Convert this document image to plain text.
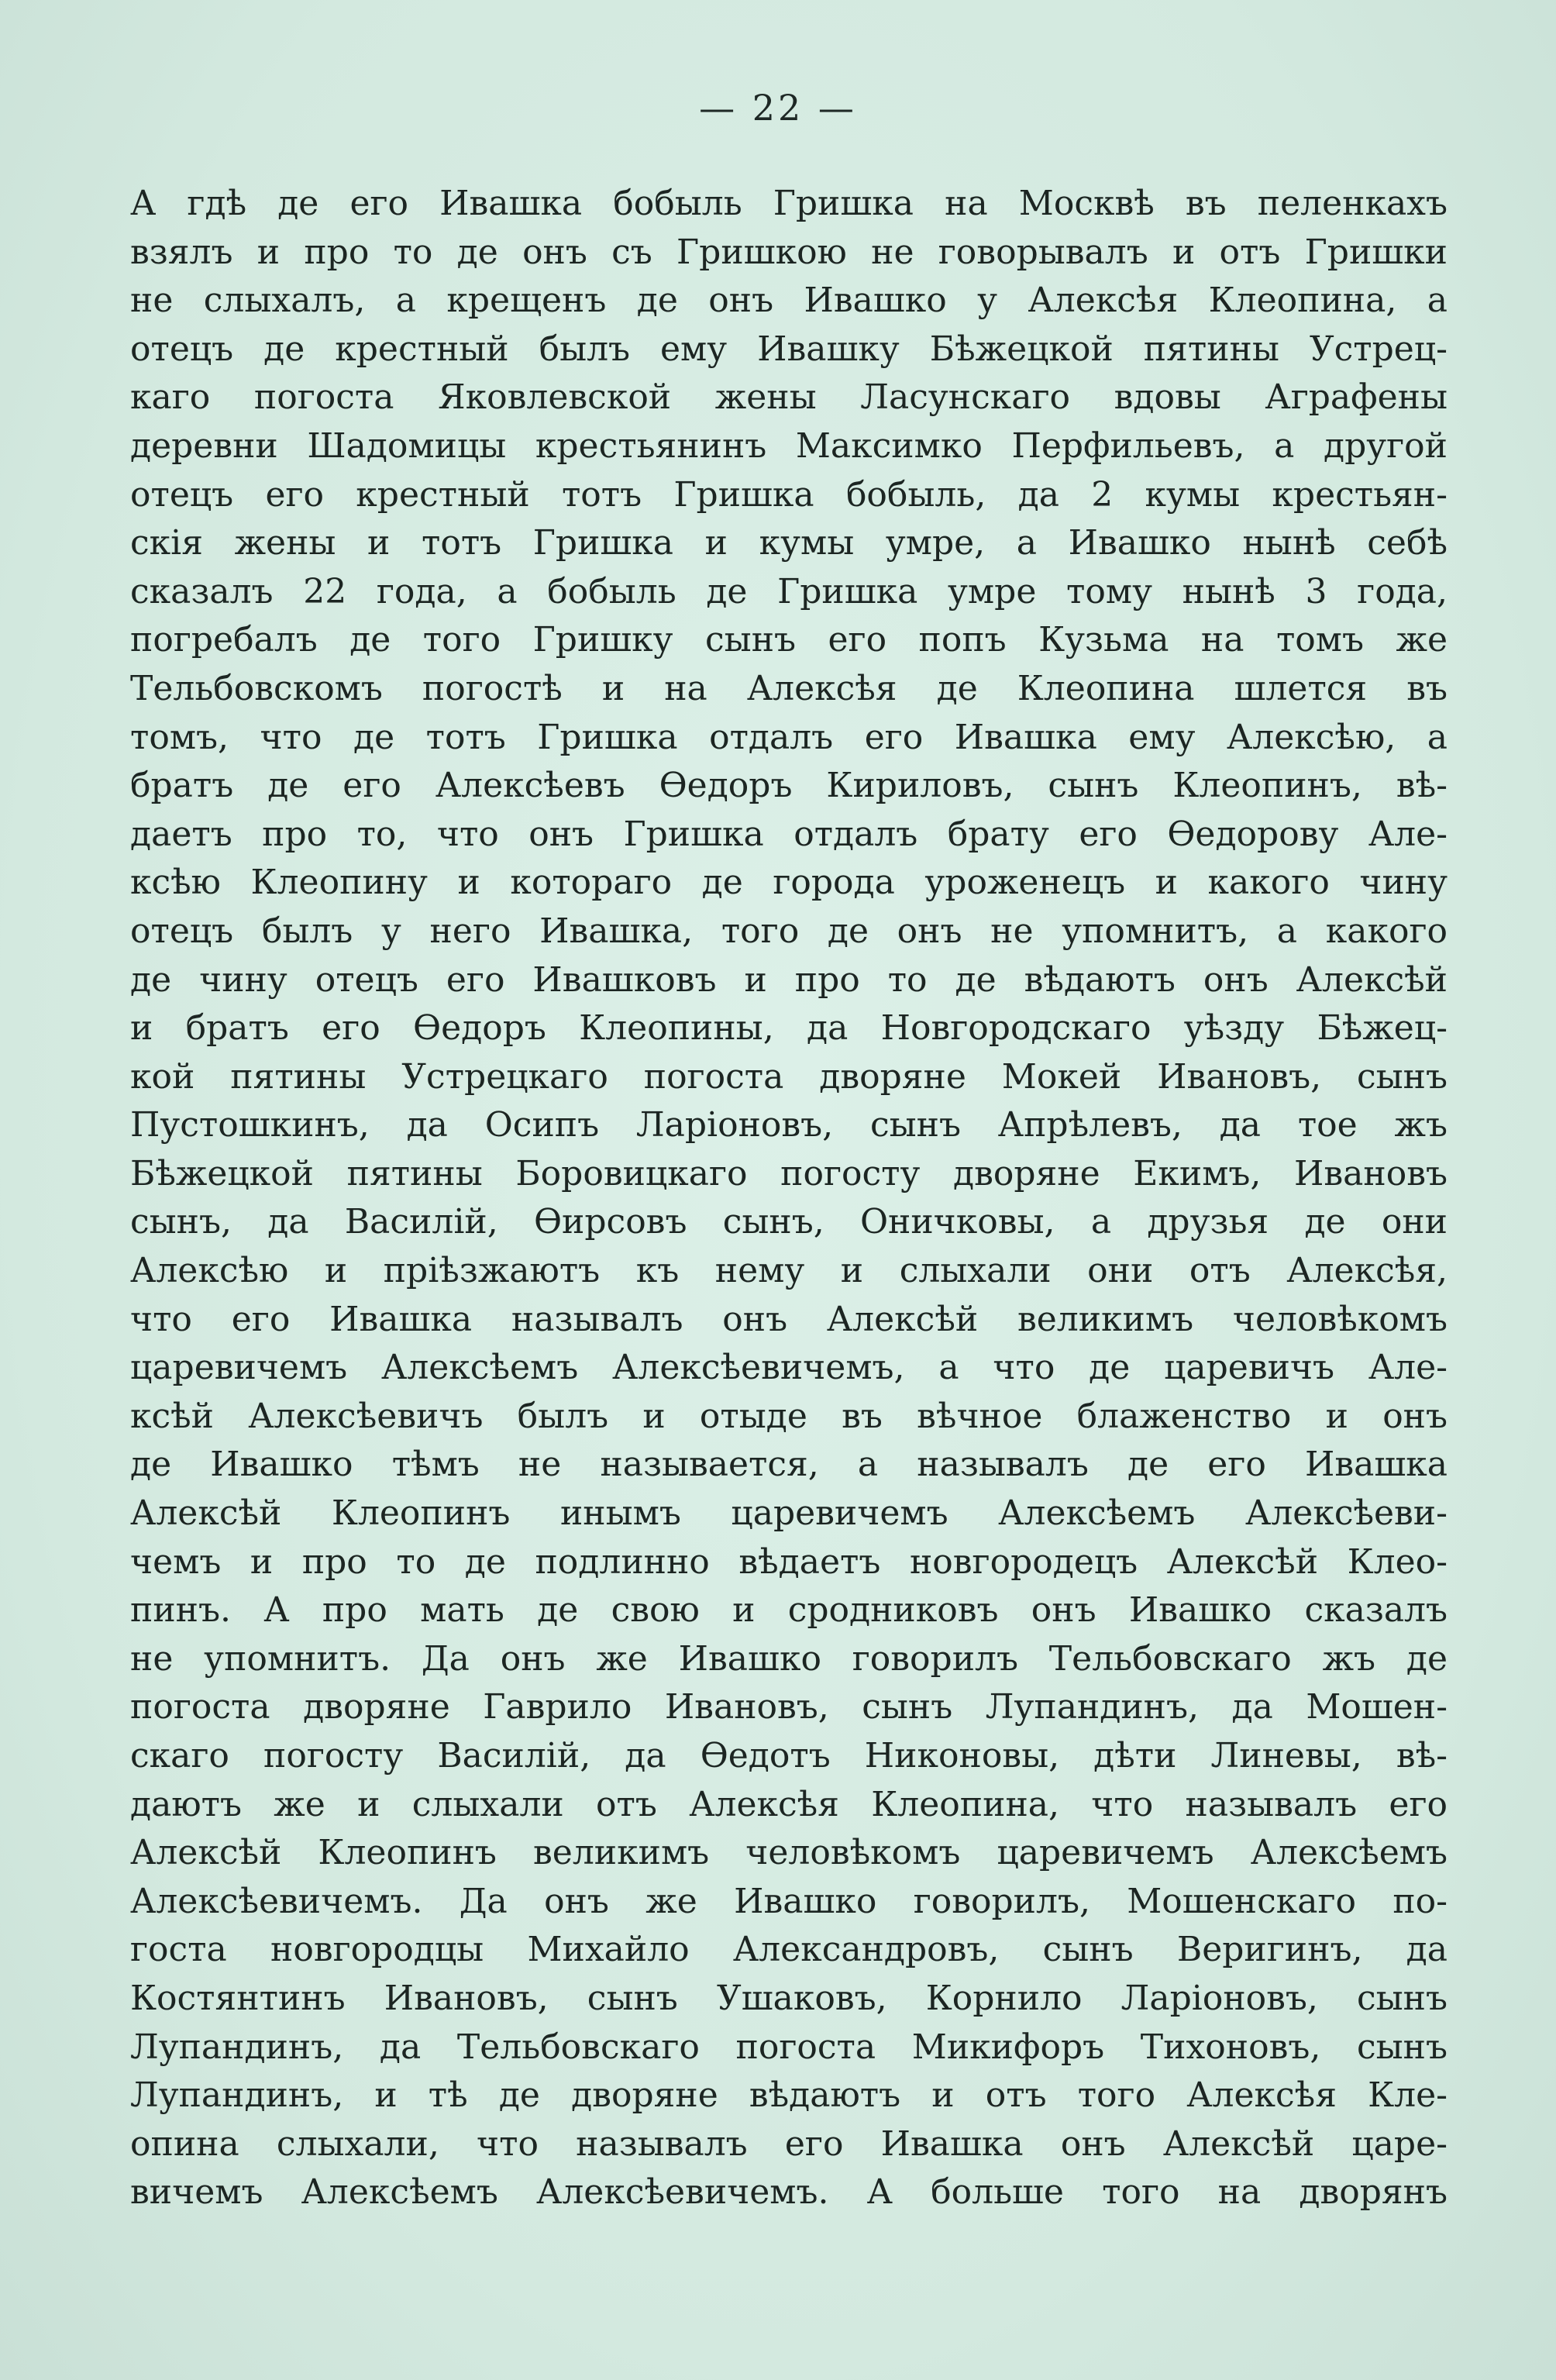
— 22 —
А гдѣ де его Ивашка бобыль Гришка на Москвѣ въ пеленкахъ
взялъ и про то де онъ съ Гришкою не говорывалъ и отъ Гришки
не слыхалъ, а крещенъ де онъ Ивашко у Алексѣя Клеопина, а
отецъ де крестный былъ ему Ивашку Бѣжецкой пятины Устрец-
каго погоста Яковлевской жены Ласунскаго вдовы Аграфены
деревни Шадомицы крестьянинъ Максимко Перфильевъ, а другой
отецъ его крестный тотъ Гришка бобыль, да 2 кумы крестьян-
скія жены и тотъ Гришка и кумы умре, а Ивашко нынѣ себѣ
сказалъ 22 года, а бобыль де Гришка умре тому нынѣ 3 года,
погребалъ де того Гришку сынъ его попъ Кузьма на томъ же
Тельбовскомъ погостѣ и на Алексѣя де Клеопина шлется въ
томъ, что де тотъ Гришка отдалъ его Ивашка ему Алексѣю, а
братъ де его Алексѣевъ Ѳедоръ Кириловъ, сынъ Клеопинъ, вѣ-
даетъ про то, что онъ Гришка отдалъ брату его Ѳедорову Але-
ксѣю Клеопину и котораго де города уроженецъ и какого чину
отецъ былъ у него Ивашка, того де онъ не упомнитъ, а какого
де чину отецъ его Ивашковъ и про то де вѣдаютъ онъ Алексѣй
и братъ его Ѳедоръ Клеопины, да Новгородскаго уѣзду Бѣжец-
кой пятины Устрецкаго погоста дворяне Мокей Ивановъ, сынъ
Пустошкинъ, да Осипъ Ларіоновъ, сынъ Апрѣлевъ, да тое жъ
Бѣжецкой пятины Боровицкаго погосту дворяне Екимъ, Ивановъ
сынъ, да Василій, Ѳирсовъ сынъ, Оничковы, а друзья де они
Алексѣю и пріѣзжаютъ къ нему и слыхали они отъ Алексѣя,
что его Ивашка называлъ онъ Алексѣй великимъ человѣкомъ
царевичемъ Алексѣемъ Алексѣевичемъ, а что де царевичъ Але-
ксѣй Алексѣевичъ былъ и отыде въ вѣчное блаженство и онъ
де Ивашко тѣмъ не называется, а называлъ де его Ивашка
Алексѣй Клеопинъ инымъ царевичемъ Алексѣемъ Алексѣеви-
чемъ и про то де подлинно вѣдаетъ новгородецъ Алексѣй Клео-
пинъ. А про мать де свою и сродниковъ онъ Ивашко сказалъ
не упомнитъ. Да онъ же Ивашко говорилъ Тельбовскаго жъ де
погоста дворяне Гаврило Ивановъ, сынъ Лупандинъ, да Мошен-
скаго погосту Василій, да Ѳедотъ Никоновы, дѣти Линевы, вѣ-
даютъ же и слыхали отъ Алексѣя Клеопина, что называлъ его
Алексѣй Клеопинъ великимъ человѣкомъ царевичемъ Алексѣемъ
Алексѣевичемъ. Да онъ же Ивашко говорилъ, Мошенскаго по-
госта новгородцы Михайло Александровъ, сынъ Веригинъ, да
Костянтинъ Ивановъ, сынъ Ушаковъ, Корнило Ларіоновъ, сынъ
Лупандинъ, да Тельбовскаго погоста Микифоръ Тихоновъ, сынъ
Лупандинъ, и тѣ де дворяне вѣдаютъ и отъ того Алексѣя Кле-
опина слыхали, что называлъ его Ивашка онъ Алексѣй царе-
вичемъ Алексѣемъ Алексѣевичемъ. А больше того на дворянъ
